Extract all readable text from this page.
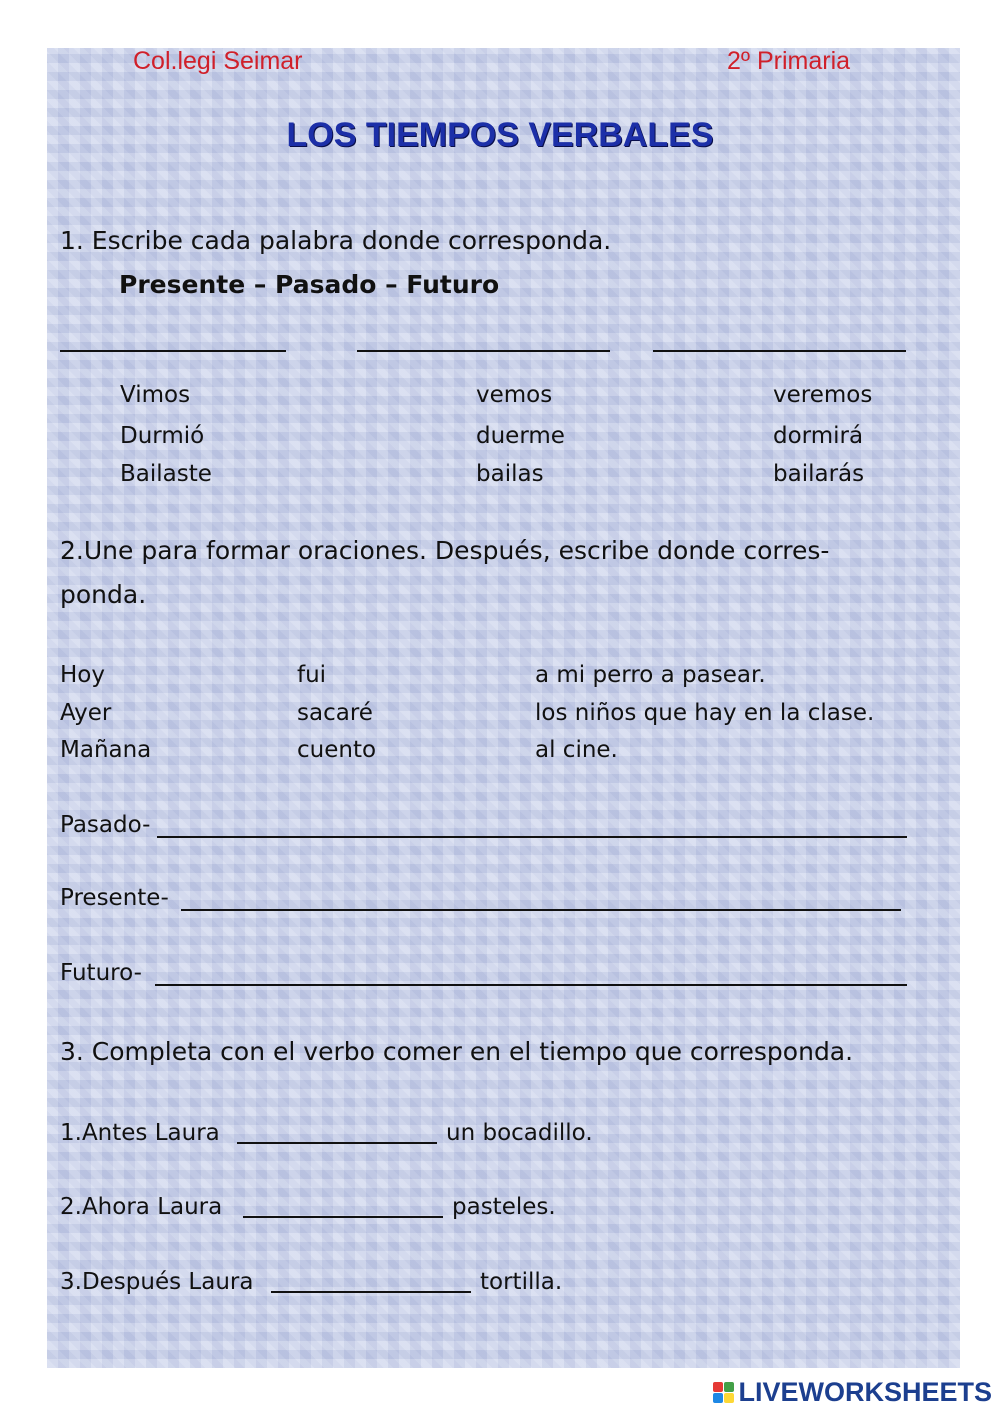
Col.legi Seimar	2º Primaria
LOS TIEMPOS VERBALES
1. Escribe cada palabra donde corresponda.
Presente – Pasado – Futuro
Vimos	vemos	veremos
Durmió	duerme	dormirá
Bailaste	bailas	bailarás
2.Une para formar oraciones. Después, escribe donde corres-
ponda.
Hoy	fui	a mi perro a pasear.
Ayer	sacaré	los niños que hay en la clase.
Mañana	cuento	al cine.
Pasado-
Presente-
Futuro-
3. Completa con el verbo comer en el tiempo que corresponda.
1.Antes Laura	un bocadillo.
2.Ahora Laura	pasteles.
3.Después Laura	tortilla.
LIVEWORKSHEETS
